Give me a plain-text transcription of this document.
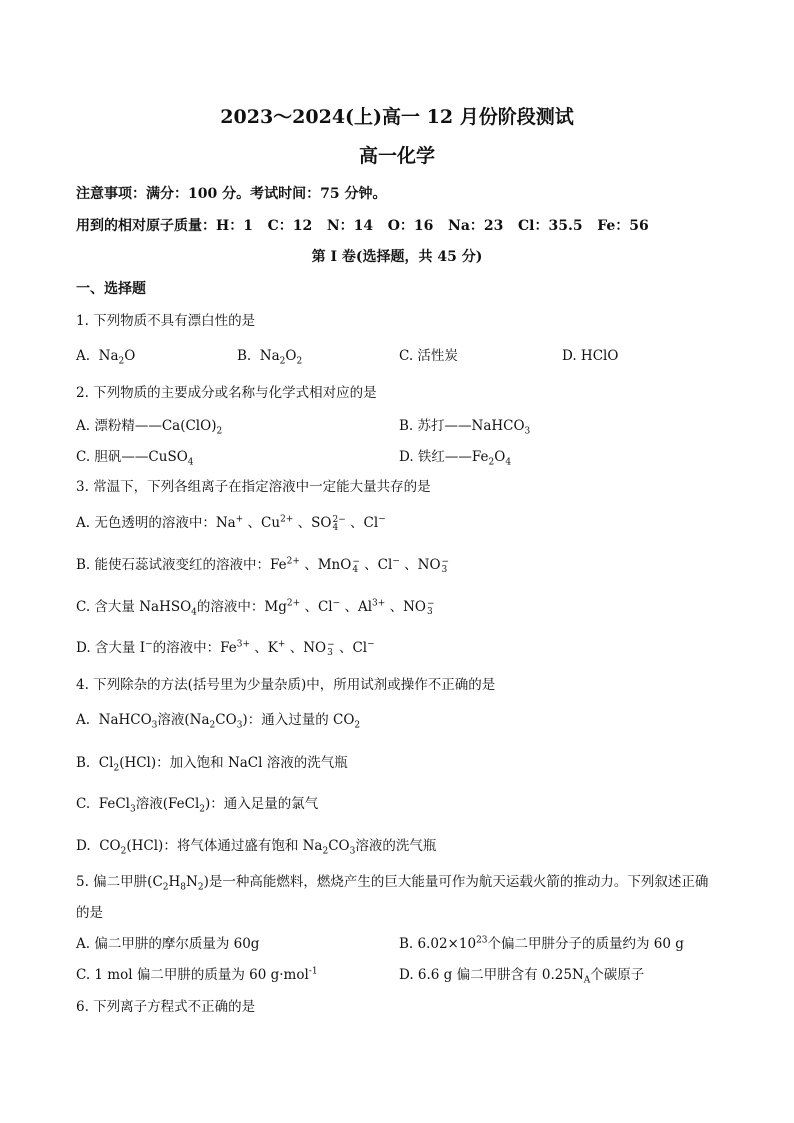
2023～2024(上)高一 12 月份阶段测试
高一化学
注意事项：满分：100 分。考试时间：75 分钟。
用到的相对原子质量：H：1   C：12   N：14   O：16   Na：23   Cl：35.5   Fe：56
第 I 卷(选择题，共 45 分)
一、选择题
1. 下列物质不具有漂白性的是
A.  $Na_2O$	B.  $Na_2O_2$	C. 活性炭	D. HClO
2. 下列物质的主要成分或名称与化学式相对应的是
A. 漂粉精$——Ca(ClO)_2$	B. 苏打——NaHCO$_3$
C. 胆矾——CuSO$_4$	D. 铁红$——Fe_2O_4$
3. 常温下，下列各组离子在指定溶液中一定能大量共存的是
A. 无色透明的溶液中：Na+ 、$Cu^{2+}$ 、SO 2−
4 、Cl−
B. 能使石蕊试液变红的溶液中：$Fe^{2+}$ 、MnO −
4 、Cl− 、NO −
3
C. 含大量 NaHSO$_4$的溶液中：$Mg^{2+}$ 、Cl− 、$Al^{3+}$ 、NO −
3
D. 含大量 I−的溶液中：$Fe^{3+}$ 、K+ 、NO −
3 、Cl−
4. 下列除杂的方法(括号里为少量杂质)中，所用试剂或操作不正确的是
A.  NaHCO$_3$溶液$(Na_2CO_3)$：通入过量的 $CO_2$
B.  $Cl_2(HCl)$：加入饱和 NaCl 溶液的洗气瓶
C.  FeCl$_3$溶液(FeCl$_2$)：通入足量的氯气
D.  $CO_2(HCl)$：将气体通过盛有饱和 $Na_2CO_3$溶液的洗气瓶
5. 偏二甲肼$(C_2H_8N_2)$是一种高能燃料，燃烧产生的巨大能量可作为航天运载火箭的推动力。下列叙述正确
的是
A. 偏二甲肼的摩尔质量为 60g	B. $6.02\times 10^{23}$个偏二甲肼分子的质量约为 60 g
C. 1 mol 偏二甲肼的质量为 60 g·mol$^{-1}$	D. 6.6 g 偏二甲肼含有 $0.25N_A$个碳原子
6. 下列离子方程式不正确的是
